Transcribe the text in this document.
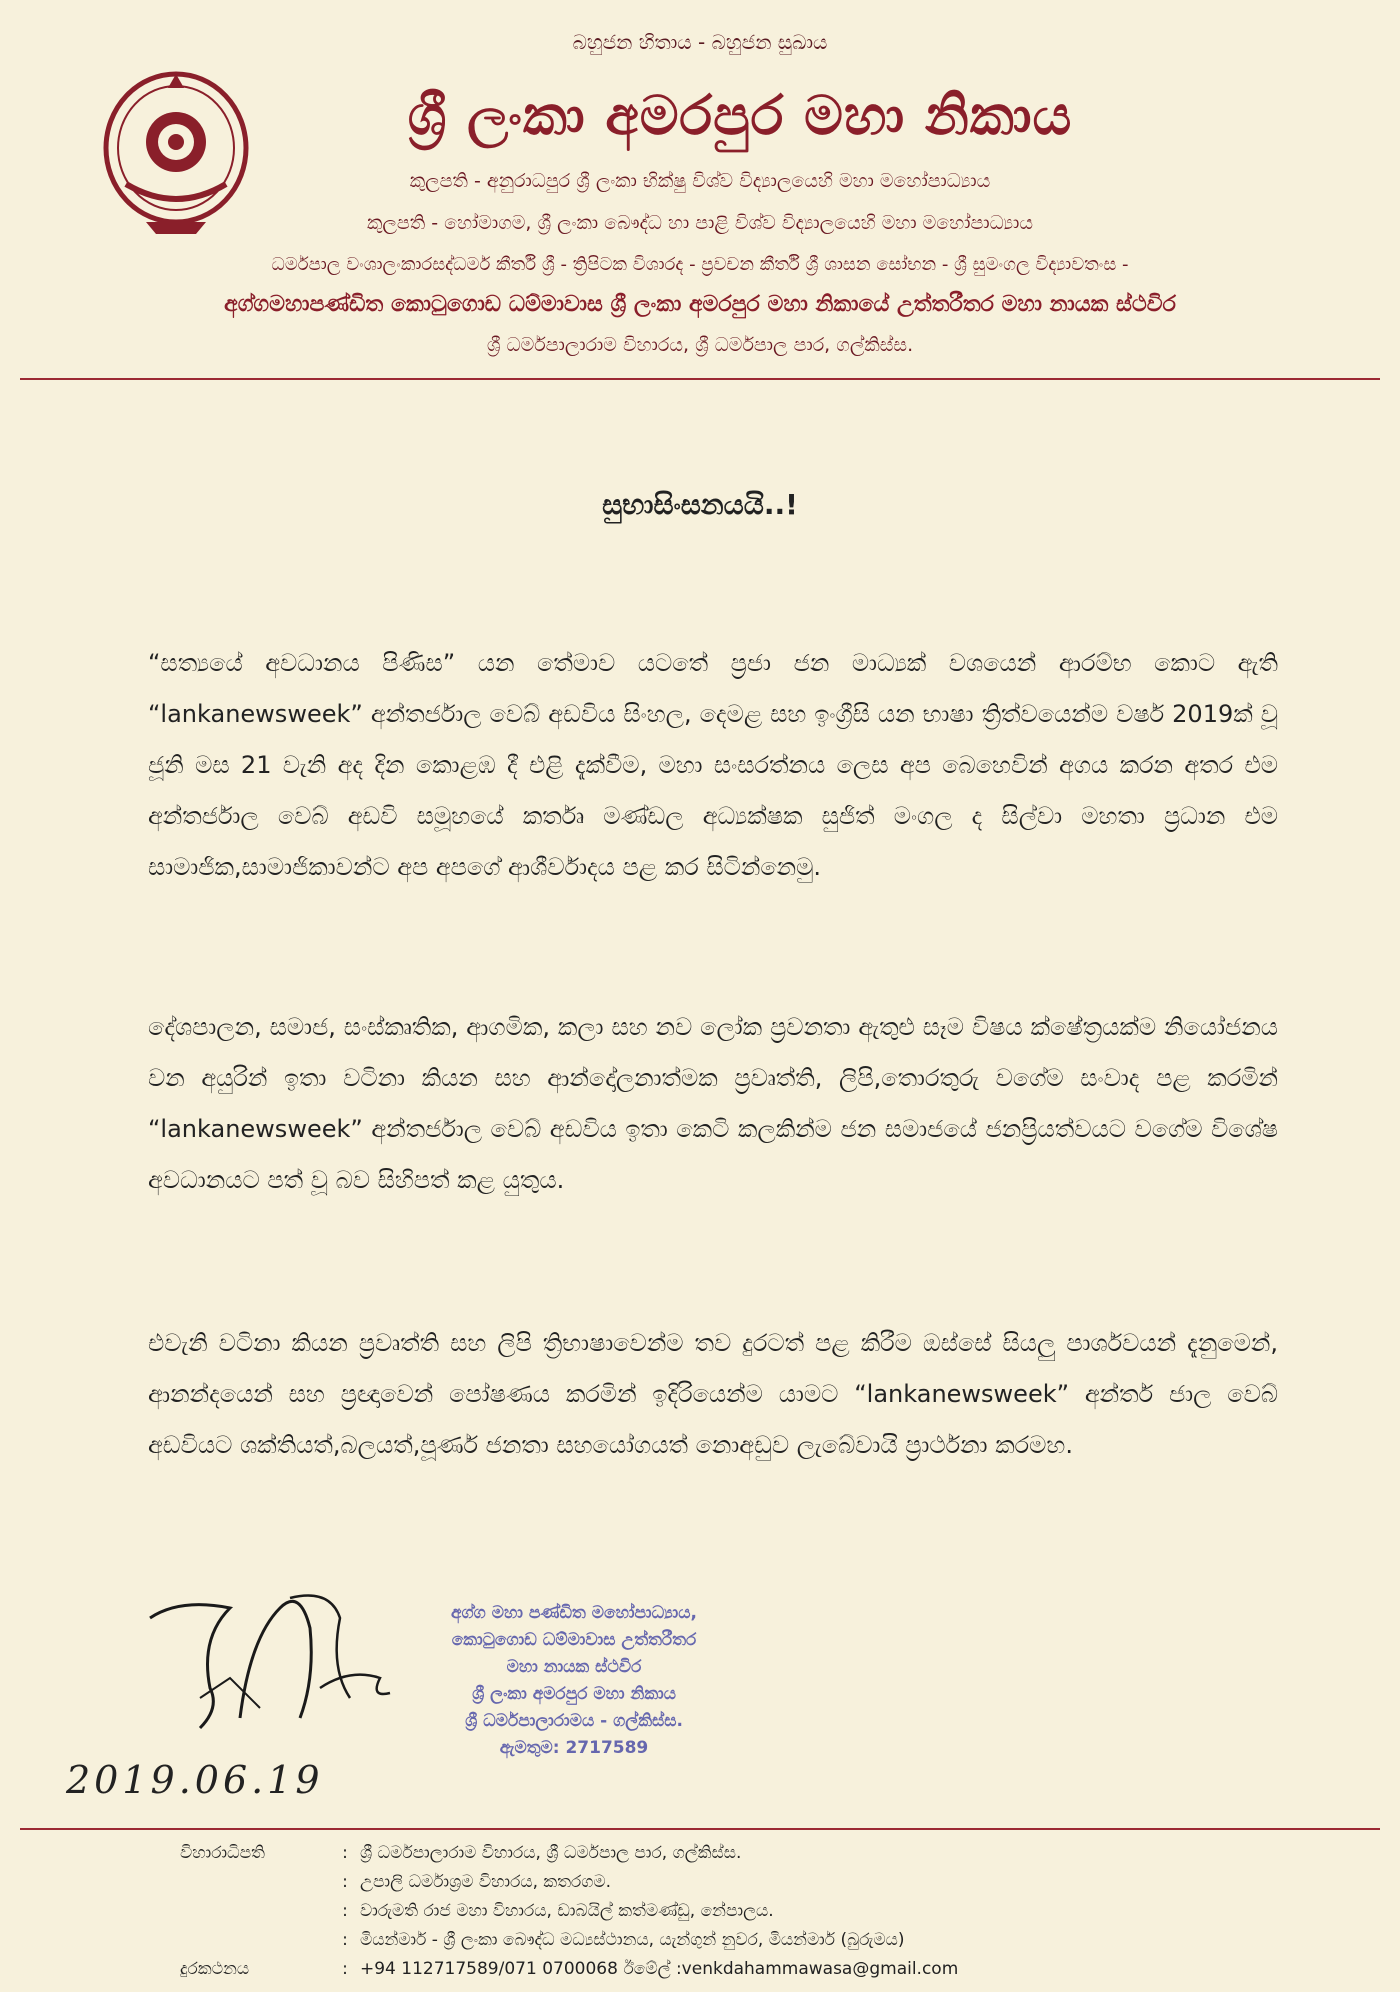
බහුජන හිතාය - බහුජන සුඛාය
ශ්‍රී ලංකා අමරපුර මහා නිකාය
කුලපති - අනුරාධපුර ශ්‍රී ලංකා භික්ෂු විශ්ව විද්‍යාලයෙහි මහා මහෝපාධ්‍යාය
කුලපති - හෝමාගම, ශ්‍රී ලංකා බෞද්ධ හා පාළි විශ්ව විද්‍යාලයෙහි මහා මහෝපාධ්‍යාය
ධර්මපාල වංශාලංකාරසද්ධර්ම කීර්ති ශ්‍රී - ත්‍රිපිටක විශාරද - ප්‍රවචන කීර්ති ශ්‍රී ශාසන සෝභන - ශ්‍රී සුමංගල විද්‍යාවතංස -
අග්ගමහාපණ්ඩිත කොටුගොඩ ධම්මාවාස ශ්‍රී ලංකා අමරපුර මහා නිකායේ උත්තරීතර මහා නායක ස්ථවිර
ශ්‍රී ධර්මපාලාරාම විහාරය, ශ්‍රී ධර්මපාල පාර, ගල්කිස්ස.
සුභාසිංසනයයි..!
“සත්‍යයේ අවධානය පිණිස” යන තේමාව යටතේ ප්‍රජා ජන මාධ්‍යක් වශයෙන් ආරම්භ කොට ඇති “lankanewsweek” අන්තර්ජාල වෙබ් අඩවිය සිංහල, දෙමළ සහ ඉංග්‍රීසි යන භාෂා ත්‍රිත්වයෙන්ම වර්ෂ 2019ක් වූ ජූනි මස 21 වැනි අද දින කොළඹ දී එළි දැක්වීම, මහා සංසරත්නය ලෙස අප බෙහෙවින් අගය කරන අතර එම අන්තර්ජාල වෙබ් අඩවි සමූහයේ කර්තෘ මණ්ඩල අධ්‍යක්ෂක සුජිත් මංගල ද සිල්වා මහතා ප්‍රධාන එම සාමාජික,සාමාජිකාවන්ට අප අපගේ ආශීර්වාදය පළ කර සිටින්නෙමු.
දේශපාලන, සමාජ, සංස්කෘතික, ආගමික, කලා සහ නව ලෝක ප්‍රවනතා ඇතුළු සෑම විෂය ක්ෂේත්‍රයක්ම නියෝජනය වන අයුරින් ඉතා වටිනා කියන සහ ආන්දෝලනාත්මක ප්‍රවෘත්ති, ලිපි,තොරතුරු වගේම සංවාද පළ කරමින් “lankanewsweek” අන්තර්ජාල වෙබ් අඩවිය ඉතා කෙටි කලකින්ම ජන සමාජයේ ජනප්‍රියත්වයට වගේම විශේෂ අවධානයට පත් වූ බව සිහිපත් කළ යුතුය.
එවැනි වටිනා කියන ප්‍රවෘත්ති සහ ලිපි ත්‍රිභාෂාවෙන්ම තව දුරටත් පළ කිරීම ඔස්සේ සියලු පාර්ශවයන් දැනුමෙන්, ආනන්දයෙන් සහ ප්‍රඥාවෙන් පෝෂණය කරමින් ඉදිරියෙන්ම යාමට “lankanewsweek” අන්තර් ජාල වෙබ් අඩවියට ශක්තියත්,බලයත්,පූර්ණ ජනතා සහයෝගයත් නොඅඩුව ලැබේවායි ප්‍රාර්ථනා කරමහ.
අග්ග මහා පණ්ඩිත මහෝපාධ්‍යාය,
කොටුගොඩ ධම්මාවාස උත්තරීතර
මහා නායක ස්ථවිර
ශ්‍රී ලංකා අමරපුර මහා නිකාය
ශ්‍රී ධර්මපාලාරාමය - ගල්කිස්ස.
ඇමතුම: 2717589
2019.06.19
විහාරාධිපති	: ශ්‍රී ධර්මපාලාරාම විහාරය, ශ්‍රී ධර්මපාල පාර, ගල්කිස්ස.
: උපාලි ධර්මාශ්‍රම විහාරය, කතරගම.
: වාරුමති රාජ මහා විහාරය, ඩාබයිල් කත්මණ්ඩු, නේපාලය.
: මියන්මාර් - ශ්‍රී ලංකා බෞද්ධ මධ්‍යස්ථානය, යැන්ගුන් නුවර, මියන්මාර් (බුරුමය)
දුරකථනය	: +94 112717589/071 0700068 ඊමේල් :venkdahammawasa@gmail.com
